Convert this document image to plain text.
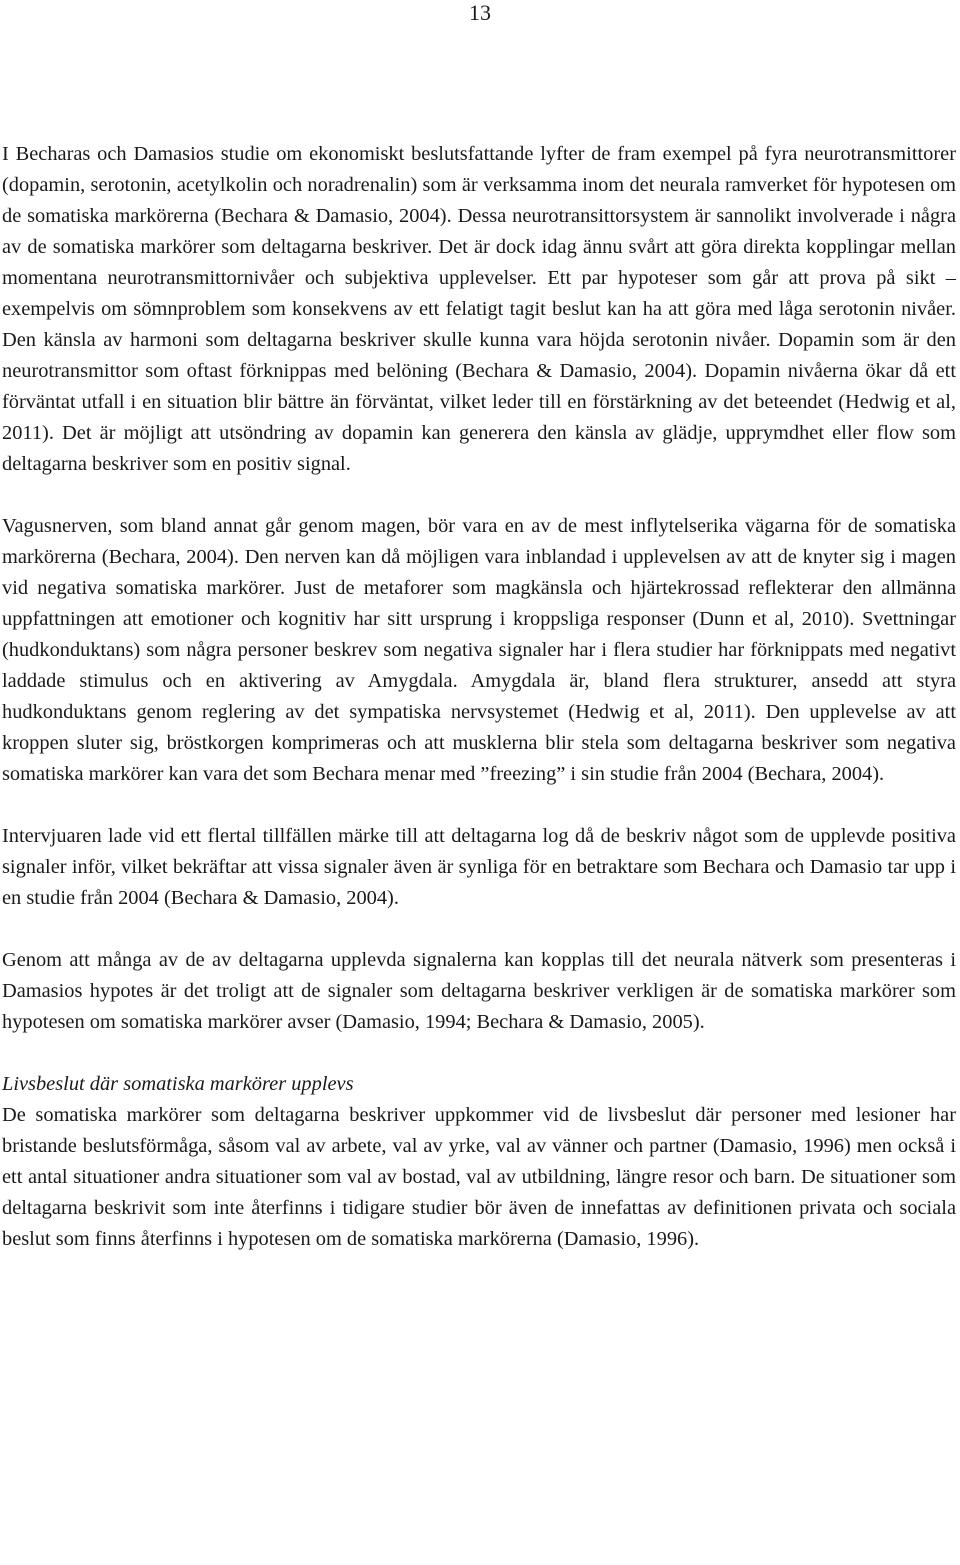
13

I Becharas och Damasios studie om ekonomiskt beslutsfattande lyfter de fram exempel på fyra neurotransmittorer (dopamin, serotonin, acetylkolin och noradrenalin) som är verksamma inom det neurala ramverket för hypotesen om de somatiska markörerna (Bechara & Damasio, 2004). Dessa neurotransittorsystem är sannolikt involverade i några av de somatiska markörer som deltagarna beskriver. Det är dock idag ännu svårt att göra direkta kopplingar mellan momentana neurotransmittornivåer och subjektiva upplevelser. Ett par hypoteser som går att prova på sikt – exempelvis om sömnproblem som konsekvens av ett felatigt tagit beslut kan ha att göra med låga serotonin nivåer. Den känsla av harmoni som deltagarna beskriver skulle kunna vara höjda serotonin nivåer. Dopamin som är den neurotransmittor som oftast förknippas med belöning (Bechara & Damasio, 2004). Dopamin nivåerna ökar då ett förväntat utfall i en situation blir bättre än förväntat, vilket leder till en förstärkning av det beteendet (Hedwig et al, 2011). Det är möjligt att utsöndring av dopamin kan generera den känsla av glädje, upprymdhet eller flow som deltagarna beskriver som en positiv signal.

Vagusnerven, som bland annat går genom magen, bör vara en av de mest inflytelserika vägarna för de somatiska markörerna (Bechara, 2004). Den nerven kan då möjligen vara inblandad i upplevelsen av att de knyter sig i magen vid negativa somatiska markörer. Just de metaforer som magkänsla och hjärtekrossad reflekterar den allmänna uppfattningen att emotioner och kognitiv har sitt ursprung i kroppsliga responser (Dunn et al, 2010). Svettningar (hudkonduktans) som några personer beskrev som negativa signaler har i flera studier har förknippats med negativt laddade stimulus och en aktivering av Amygdala. Amygdala är, bland flera strukturer, ansedd att styra hudkonduktans genom reglering av det sympatiska nervsystemet (Hedwig et al, 2011). Den upplevelse av att kroppen sluter sig, bröstkorgen komprimeras och att musklerna blir stela som deltagarna beskriver som negativa somatiska markörer kan vara det som Bechara menar med ”freezing” i sin studie från 2004 (Bechara, 2004).

Intervjuaren lade vid ett flertal tillfällen märke till att deltagarna log då de beskriv något som de upplevde positiva signaler inför, vilket bekräftar att vissa signaler även är synliga för en betraktare som Bechara och Damasio tar upp i en studie från 2004 (Bechara & Damasio, 2004).

Genom att många av de av deltagarna upplevda signalerna kan kopplas till det neurala nätverk som presenteras i Damasios hypotes är det troligt att de signaler som deltagarna beskriver verkligen är de somatiska markörer som hypotesen om somatiska markörer avser (Damasio, 1994; Bechara & Damasio, 2005).

Livsbeslut där somatiska markörer upplevs

De somatiska markörer som deltagarna beskriver uppkommer vid de livsbeslut där personer med lesioner har bristande beslutsförmåga, såsom val av arbete, val av yrke, val av vänner och partner (Damasio, 1996) men också i ett antal situationer andra situationer som val av bostad, val av utbildning, längre resor och barn. De situationer som deltagarna beskrivit som inte återfinns i tidigare studier bör även de innefattas av definitionen privata och sociala beslut som finns återfinns i hypotesen om de somatiska markörerna (Damasio, 1996).
